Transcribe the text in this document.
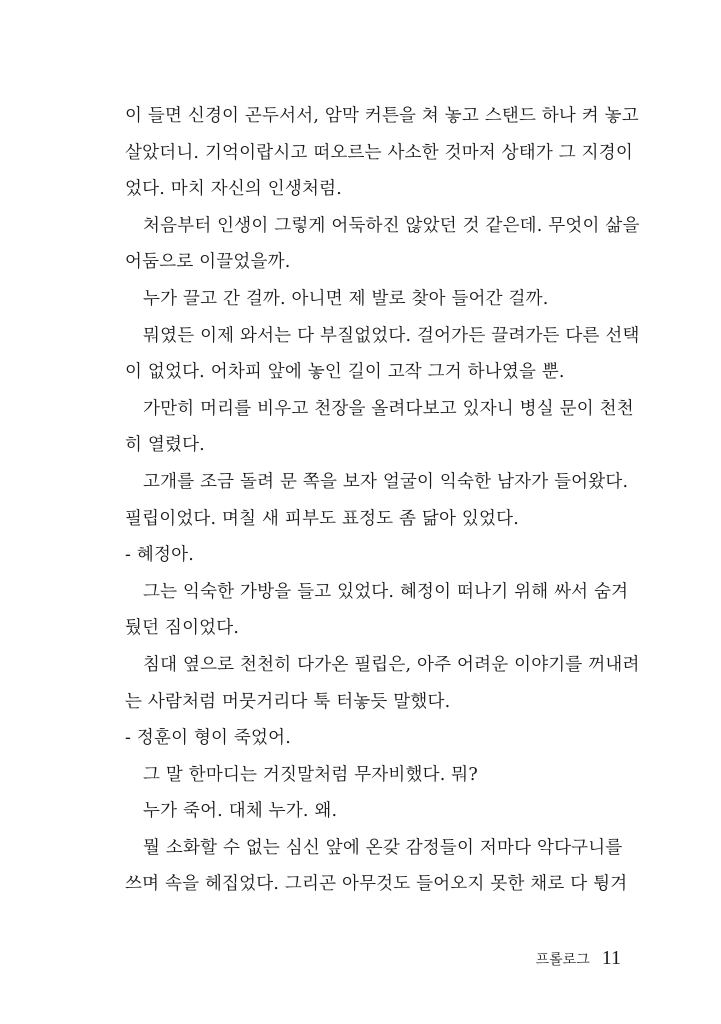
이 들면 신경이 곤두서서, 암막 커튼을 쳐 놓고 스탠드 하나 켜 놓고
살았더니. 기억이랍시고 떠오르는 사소한 것마저 상태가 그 지경이
었다. 마치 자신의 인생처럼.
처음부터 인생이 그렇게 어둑하진 않았던 것 같은데. 무엇이 삶을
어둠으로 이끌었을까.
누가 끌고 간 걸까. 아니면 제 발로 찾아 들어간 걸까.
뭐였든 이제 와서는 다 부질없었다. 걸어가든 끌려가든 다른 선택
이 없었다. 어차피 앞에 놓인 길이 고작 그거 하나였을 뿐.
가만히 머리를 비우고 천장을 올려다보고 있자니 병실 문이 천천
히 열렸다.
고개를 조금 돌려 문 쪽을 보자 얼굴이 익숙한 남자가 들어왔다.
필립이었다. 며칠 새 피부도 표정도 좀 닮아 있었다.
- 혜정아.
그는 익숙한 가방을 들고 있었다. 혜정이 떠나기 위해 싸서 숨겨
뒀던 짐이었다.
침대 옆으로 천천히 다가온 필립은, 아주 어려운 이야기를 꺼내려
는 사람처럼 머뭇거리다 툭 터놓듯 말했다.
- 정훈이 형이 죽었어.
그 말 한마디는 거짓말처럼 무자비했다. 뭐?
누가 죽어. 대체 누가. 왜.
뭘 소화할 수 없는 심신 앞에 온갖 감정들이 저마다 악다구니를
쓰며 속을 헤집었다. 그리곤 아무것도 들어오지 못한 채로 다 튕겨
프롤로그 11
